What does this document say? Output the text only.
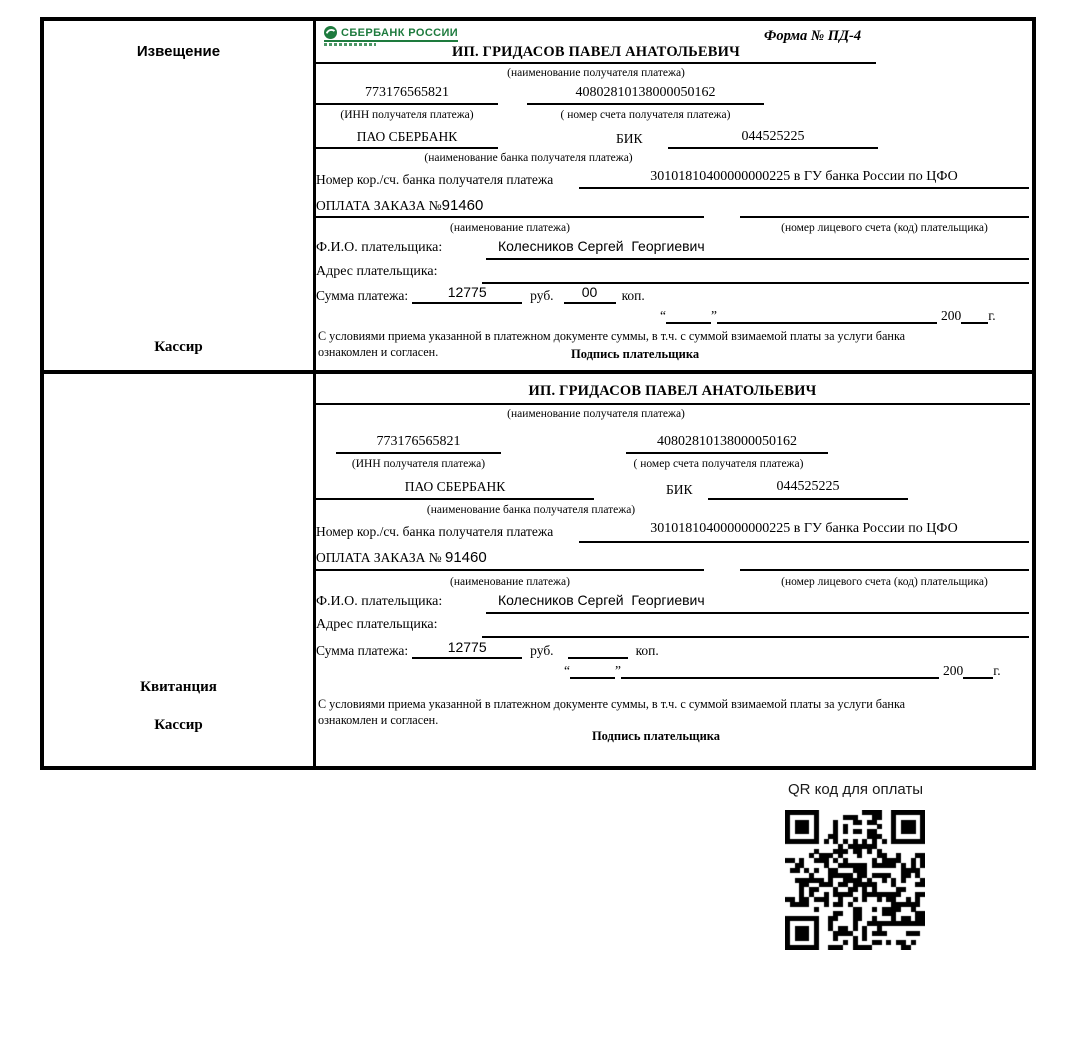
Извещение
Кассир
СБЕРБАНК РОССИИ	Форма № ПД-4
ИП. ГРИДАСОВ ПАВЕЛ АНАТОЛЬЕВИЧ
(наименование получателя платежа)
773176565821	40802810138000050162
(ИНН получателя платежа)	( номер счета получателя платежа)
ПАО СБЕРБАНК	БИК	044525225
(наименование банка получателя платежа)
Номер кор./сч. банка получателя платежа	30101810400000000225 в ГУ банка России по ЦФО
ОПЛАТА ЗАКАЗА №91460
(наименование платежа)	(номер лицевого счета (код) плательщика)
Ф.И.О. плательщика:	Колесников Сергей  Георгиевич
Адрес плательщика:
Сумма платежа:	12775	руб. 00 коп.
“	”	200 г.
С условиями приема указанной в платежном документе суммы, в т.ч. с суммой взимаемой платы за услуги банка
ознакомлен и согласен.	Подпись плательщика
Квитанция
Кассир
ИП. ГРИДАСОВ ПАВЕЛ АНАТОЛЬЕВИЧ
(наименование получателя платежа)
773176565821	40802810138000050162
(ИНН получателя платежа)	( номер счета получателя платежа)
ПАО СБЕРБАНК	БИК	044525225
(наименование банка получателя платежа)
Номер кор./сч. банка получателя платежа	30101810400000000225 в ГУ банка России по ЦФО
ОПЛАТА ЗАКАЗА № 91460
(наименование платежа)	(номер лицевого счета (код) плательщика)
Ф.И.О. плательщика:	Колесников Сергей  Георгиевич
Адрес плательщика:
Сумма платежа:	12775	руб.	коп.
“	”	200 г.
С условиями приема указанной в платежном документе суммы, в т.ч. с суммой взимаемой платы за услуги банка
ознакомлен и согласен.
Подпись плательщика
QR код для оплаты
